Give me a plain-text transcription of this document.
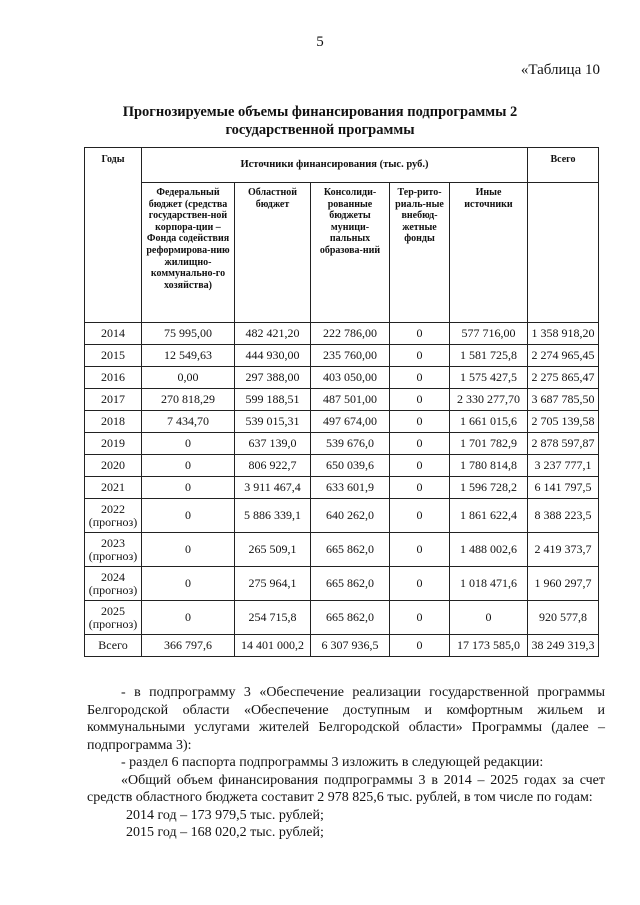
5
«Таблица 10
Прогнозируемые объемы финансирования подпрограммы 2 государственной программы
Годы	Источники финансирования (тыс. руб.)					Всего
	Федеральный бюджет (средства государствен-ной корпора-ции – Фонда содействия реформирова-нию жилищно-коммунально-го хозяйства)	Областной бюджет	Консолиди-рованные бюджеты муници-пальных образова-ний	Тер-рито-риаль-ные внебюд-жетные фонды	Иные источники	
2014	75 995,00	482 421,20	222 786,00	0	577 716,00	1 358 918,20
2015	12 549,63	444 930,00	235 760,00	0	1 581 725,8	2 274 965,45
2016	0,00	297 388,00	403 050,00	0	1 575 427,5	2 275 865,47
2017	270 818,29	599 188,51	487 501,00	0	2 330 277,70	3 687 785,50
2018	7 434,70	539 015,31	497 674,00	0	1 661 015,6	2 705 139,58
2019	0	637 139,0	539 676,0	0	1 701 782,9	2 878 597,87
2020	0	806 922,7	650 039,6	0	1 780 814,8	3 237 777,1
2021	0	3 911 467,4	633 601,9	0	1 596 728,2	6 141 797,5
2022
(прогноз)	0	5 886 339,1	640 262,0	0	1 861 622,4	8 388 223,5
2023
(прогноз)	0	265 509,1	665 862,0	0	1 488 002,6	2 419 373,7
2024
(прогноз)	0	275 964,1	665 862,0	0	1 018 471,6	1 960 297,7
2025
(прогноз)	0	254 715,8	665 862,0	0	0	920 577,8
Всего	366 797,6	14 401 000,2	6 307 936,5	0	17 173 585,0	38 249 319,3

- в подпрограмму 3 «Обеспечение реализации государственной программы Белгородской области «Обеспечение доступным и комфортным жильем и коммунальными услугами жителей Белгородской области» Программы (далее – подпрограмма 3):

- раздел 6 паспорта подпрограммы 3 изложить в следующей редакции:

«Общий объем финансирования подпрограммы 3 в 2014 – 2025 годах за счет средств областного бюджета составит 2 978 825,6 тыс. рублей, в том числе по годам:

2014 год – 173 979,5 тыс. рублей;

2015 год – 168 020,2 тыс. рублей;
